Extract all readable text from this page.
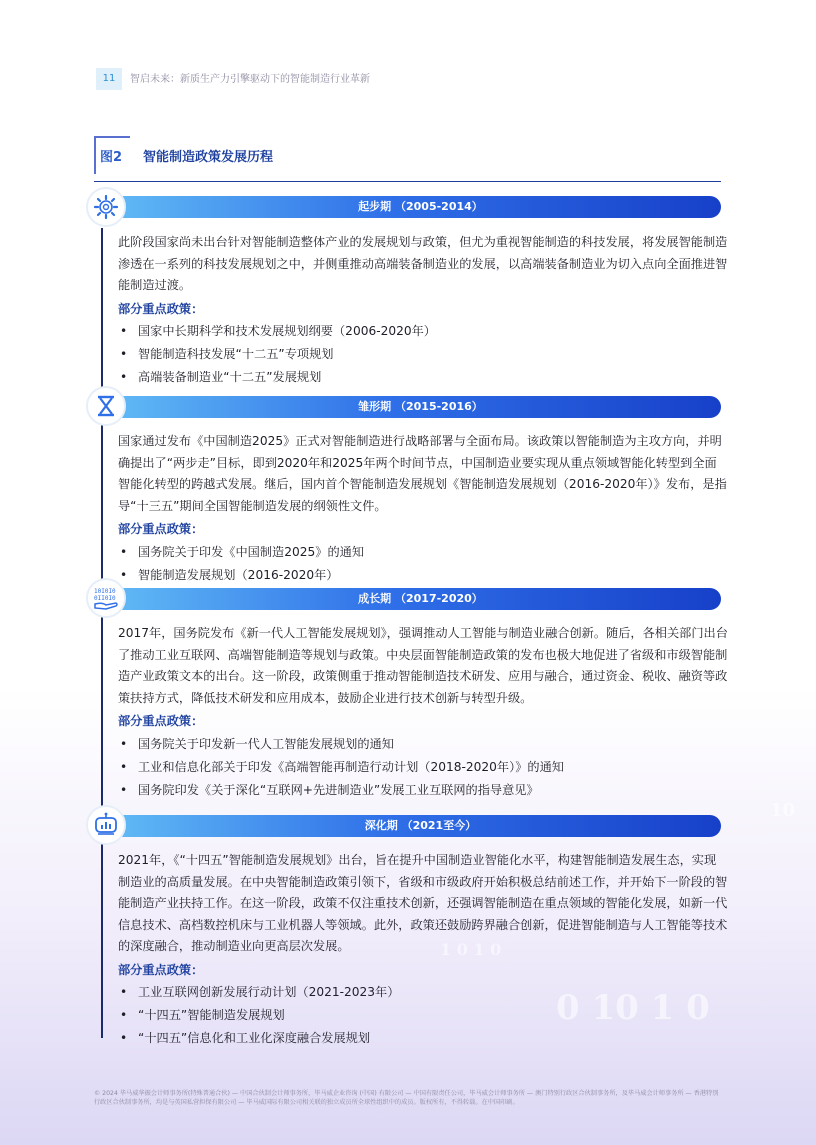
0 10 1 0
10
1 0 1 0
11	智启未来：新质生产力引擎驱动下的智能制造行业革新
图2 智能制造政策发展历程
起步期 （2005-2014）

此阶段国家尚未出台针对智能制造整体产业的发展规划与政策，但尤为重视智能制造的科技发展，将发展智能制造渗透在一系列的科技发展规划之中，并侧重推动高端装备制造业的发展，以高端装备制造业为切入点向全面推进智能制造过渡。

部分重点政策：

• 国家中长期科学和技术发展规划纲要（2006-2020年）
• 智能制造科技发展“十二五”专项规划
• 高端装备制造业“十二五”发展规划
雏形期 （2015-2016）

国家通过发布《中国制造2025》正式对智能制造进行战略部署与全面布局。该政策以智能制造为主攻方向，并明确提出了“两步走”目标，即到2020年和2025年两个时间节点，中国制造业要实现从重点领域智能化转型到全面智能化转型的跨越式发展。继后，国内首个智能制造发展规划《智能制造发展规划（2016-2020年）》发布，是指导“十三五”期间全国智能制造发展的纲领性文件。

部分重点政策：

• 国务院关于印发《中国制造2025》的通知
• 智能制造发展规划（2016-2020年）
成长期 （2017-2020）
10I0I0
0II0I0

2017年，国务院发布《新一代人工智能发展规划》，强调推动人工智能与制造业融合创新。随后，各相关部门出台了推动工业互联网、高端智能制造等规划与政策。中央层面智能制造政策的发布也极大地促进了省级和市级智能制造产业政策文本的出台。这一阶段，政策侧重于推动智能制造技术研发、应用与融合，通过资金、税收、融资等政策扶持方式，降低技术研发和应用成本，鼓励企业进行技术创新与转型升级。

部分重点政策：

• 国务院关于印发新一代人工智能发展规划的通知
• 工业和信息化部关于印发《高端智能再制造行动计划（2018-2020年）》的通知
• 国务院印发《关于深化“互联网+先进制造业”发展工业互联网的指导意见》
深化期 （2021至今）

2021年，《“十四五”智能制造发展规划》出台，旨在提升中国制造业智能化水平，构建智能制造发展生态，实现制造业的高质量发展。在中央智能制造政策引领下，省级和市级政府开始积极总结前述工作，并开始下一阶段的智能制造产业扶持工作。在这一阶段，政策不仅注重技术创新，还强调智能制造在重点领域的智能化发展，如新一代信息技术、高档数控机床与工业机器人等领域。此外，政策还鼓励跨界融合创新，促进智能制造与人工智能等技术的深度融合，推动制造业向更高层次发展。

部分重点政策：

• 工业互联网创新发展行动计划（2021-2023年）
• “十四五”智能制造发展规划
• “十四五”信息化和工业化深度融合发展规划
© 2024 毕马威华振会计师事务所(特殊普通合伙) — 中国合伙制会计师事务所，毕马威企业咨询 (中国) 有限公司 — 中国有限责任公司，毕马威会计师事务所 — 澳门特别行政区合伙制事务所，及毕马威会计师事务所 — 香港特别行政区合伙制事务所，均是与英国私营担保有限公司 — 毕马威国际有限公司相关联的独立成员所全球性组织中的成员。版权所有，不得转载。在中国印刷。
